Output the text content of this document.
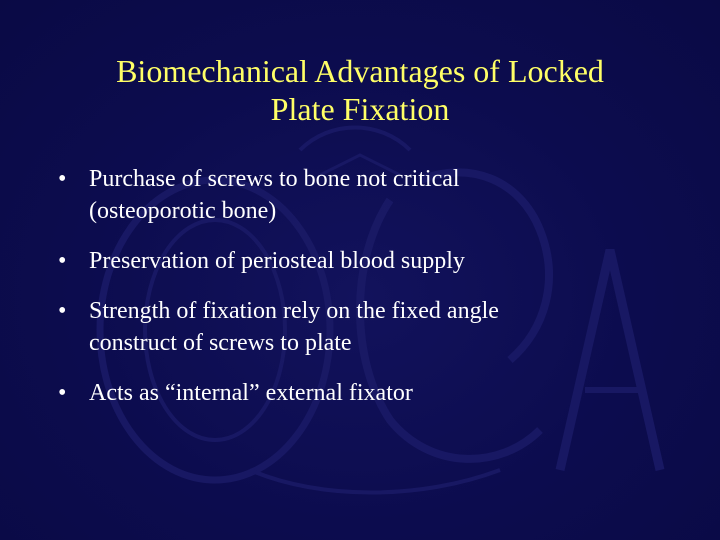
Biomechanical Advantages of Locked
Plate Fixation
• Purchase of screws to bone not critical
(osteoporotic bone)
• Preservation of periosteal blood supply
• Strength of fixation rely on the fixed angle
construct of screws to plate
• Acts as “internal” external fixator
